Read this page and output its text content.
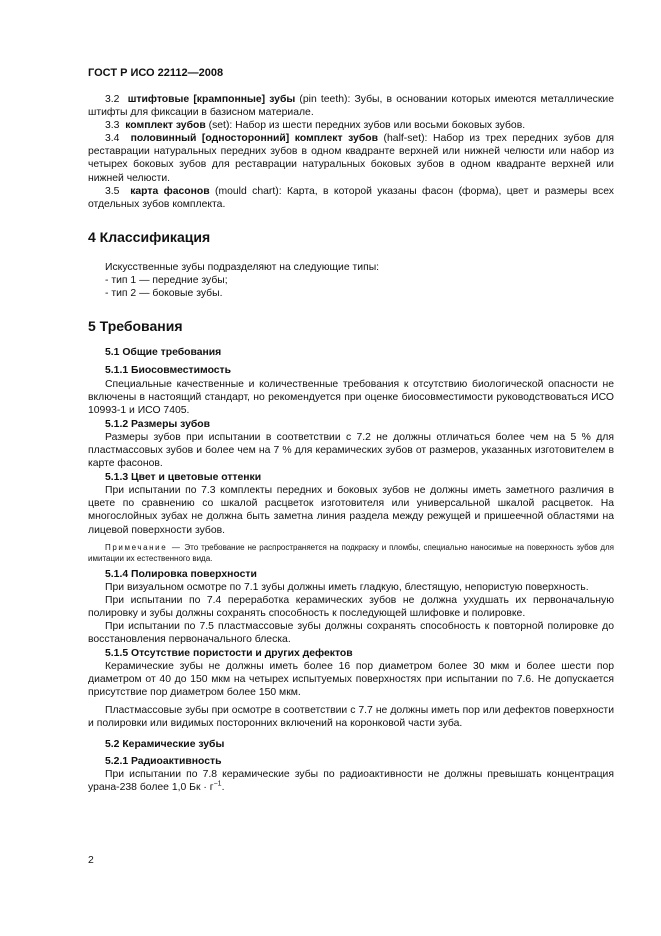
ГОСТ Р ИСО 22112—2008

3.2 штифтовые [крампонные] зубы (pin teeth): Зубы, в основании которых имеются металлические штифты для фиксации в базисном материале.

3.3 комплект зубов (set): Набор из шести передних зубов или восьми боковых зубов.

3.4 половинный [односторонний] комплект зубов (half-set): Набор из трех передних зубов для реставрации натуральных передних зубов в одном квадранте верхней или нижней челюсти или набор из четырех боковых зубов для реставрации натуральных боковых зубов в одном квадранте верхней или нижней челюсти.

3.5 карта фасонов (mould chart): Карта, в которой указаны фасон (форма), цвет и размеры всех отдельных зубов комплекта.

4 Классификация

Искусственные зубы подразделяют на следующие типы:

- тип 1 — передние зубы;
- тип 2 — боковые зубы.
5 Требования
5.1 Общие требования
5.1.1 Биосовместимость

Специальные качественные и количественные требования к отсутствию биологической опасности не включены в настоящий стандарт, но рекомендуется при оценке биосовместимости руководствоваться ИСО 10993-1 и ИСО 7405.

5.1.2 Размеры зубов

Размеры зубов при испытании в соответствии с 7.2 не должны отличаться более чем на 5 % для пластмассовых зубов и более чем на 7 % для керамических зубов от размеров, указанных изготовителем в карте фасонов.

5.1.3 Цвет и цветовые оттенки

При испытании по 7.3 комплекты передних и боковых зубов не должны иметь заметного различия в цвете по сравнению со шкалой расцветок изготовителя или универсальной шкалой расцветок. На многослойных зубах не должна быть заметна линия раздела между режущей и пришеечной областями на лицевой поверхности зубов.

Примечание — Это требование не распространяется на подкраску и пломбы, специально наносимые на поверхность зубов для имитации их естественного вида.

5.1.4 Полировка поверхности

При визуальном осмотре по 7.1 зубы должны иметь гладкую, блестящую, непористую поверхность.

При испытании по 7.4 переработка керамических зубов не должна ухудшать их первоначальную полировку и зубы должны сохранять способность к последующей шлифовке и полировке.

При испытании по 7.5 пластмассовые зубы должны сохранять способность к повторной полировке до восстановления первоначального блеска.

5.1.5 Отсутствие пористости и других дефектов

Керамические зубы не должны иметь более 16 пор диаметром более 30 мкм и более шести пор диаметром от 40 до 150 мкм на четырех испытуемых поверхностях при испытании по 7.6. Не допускается присутствие пор диаметром более 150 мкм.

Пластмассовые зубы при осмотре в соответствии с 7.7 не должны иметь пор или дефектов поверхности и полировки или видимых посторонних включений на коронковой части зуба.

5.2 Керамические зубы
5.2.1 Радиоактивность

При испытании по 7.8 керамические зубы по радиоактивности не должны превышать концентрация урана-238 более 1,0 Бк · $г^{-1}$.

2
